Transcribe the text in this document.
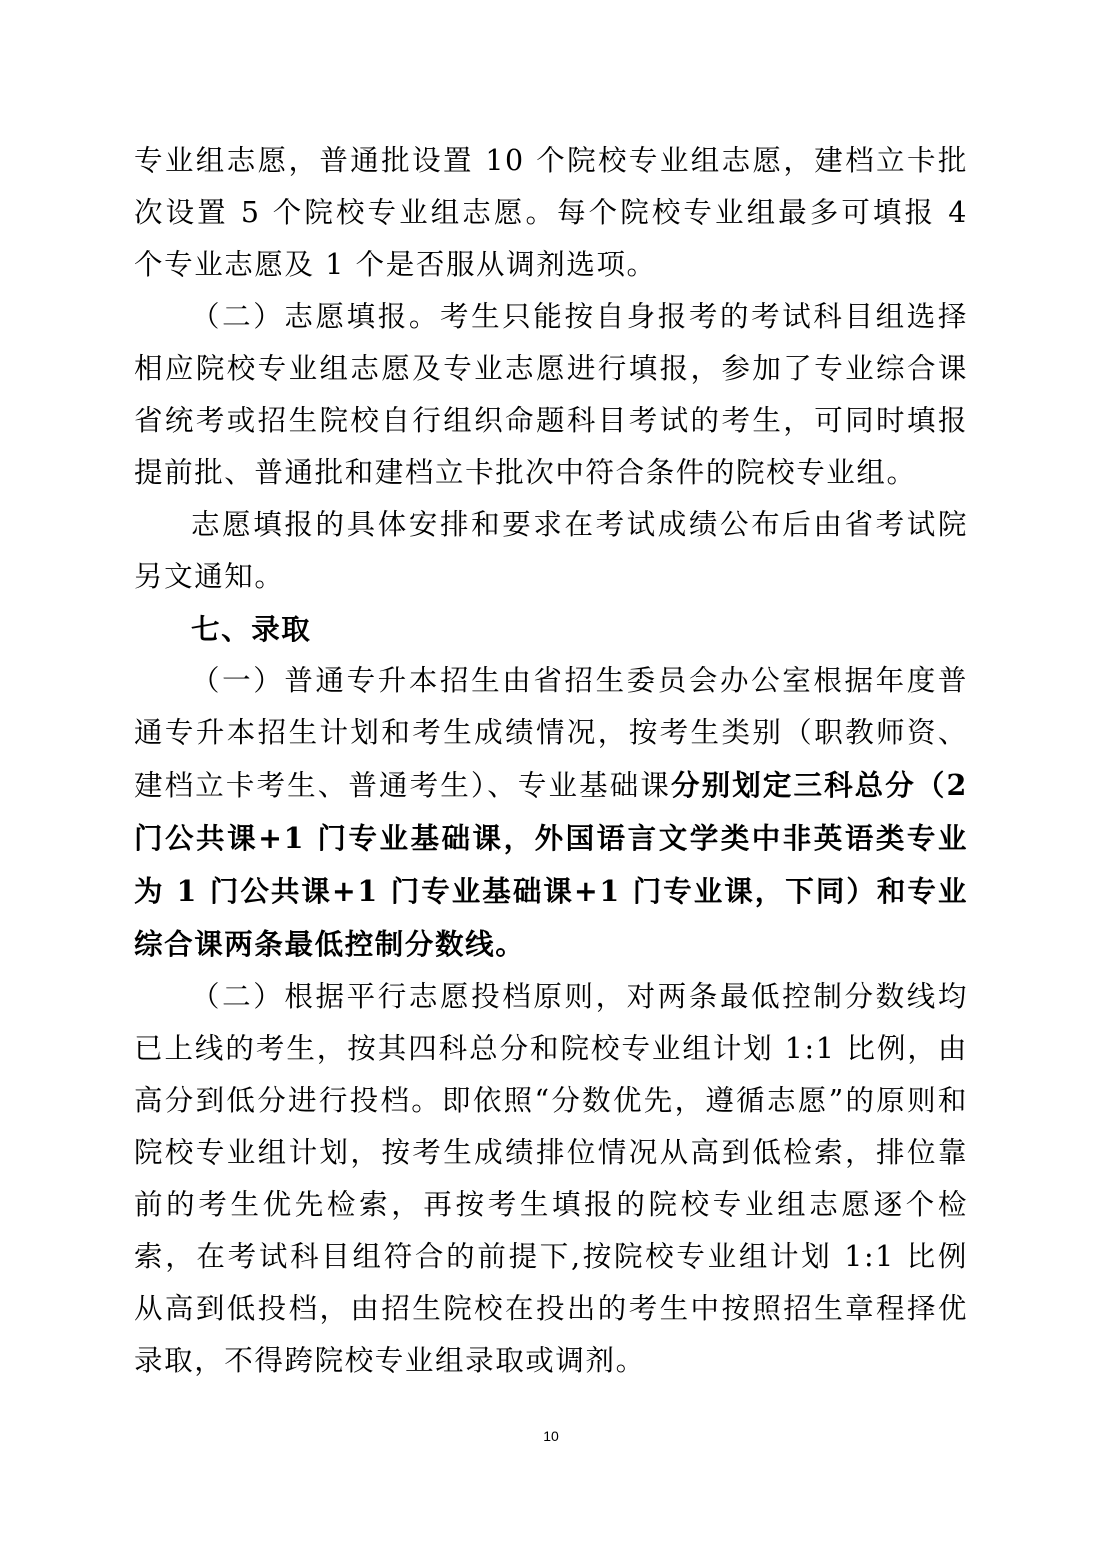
专业组志愿，普通批设置 10 个院校专业组志愿，建档立卡批次设置 5 个院校专业组志愿。每个院校专业组最多可填报 4 个专业志愿及 1 个是否服从调剂选项。

（二）志愿填报。考生只能按自身报考的考试科目组选择相应院校专业组志愿及专业志愿进行填报，参加了专业综合课省统考或招生院校自行组织命题科目考试的考生，可同时填报提前批、普通批和建档立卡批次中符合条件的院校专业组。

志愿填报的具体安排和要求在考试成绩公布后由省考试院另文通知。

七、录取

（一）普通专升本招生由省招生委员会办公室根据年度普通专升本招生计划和考生成绩情况，按考生类别（职教师资、建档立卡考生、普通考生）、专业基础课分别划定三科总分（2 门公共课+1 门专业基础课，外国语言文学类中非英语类专业为 1 门公共课+1 门专业基础课+1 门专业课，下同）和专业综合课两条最低控制分数线。

（二）根据平行志愿投档原则，对两条最低控制分数线均已上线的考生，按其四科总分和院校专业组计划 1:1 比例，由高分到低分进行投档。即依照“分数优先，遵循志愿”的原则和院校专业组计划，按考生成绩排位情况从高到低检索，排位靠前的考生优先检索，再按考生填报的院校专业组志愿逐个检索，在考试科目组符合的前提下,按院校专业组计划 1:1 比例从高到低投档，由招生院校在投出的考生中按照招生章程择优录取，不得跨院校专业组录取或调剂。

10
